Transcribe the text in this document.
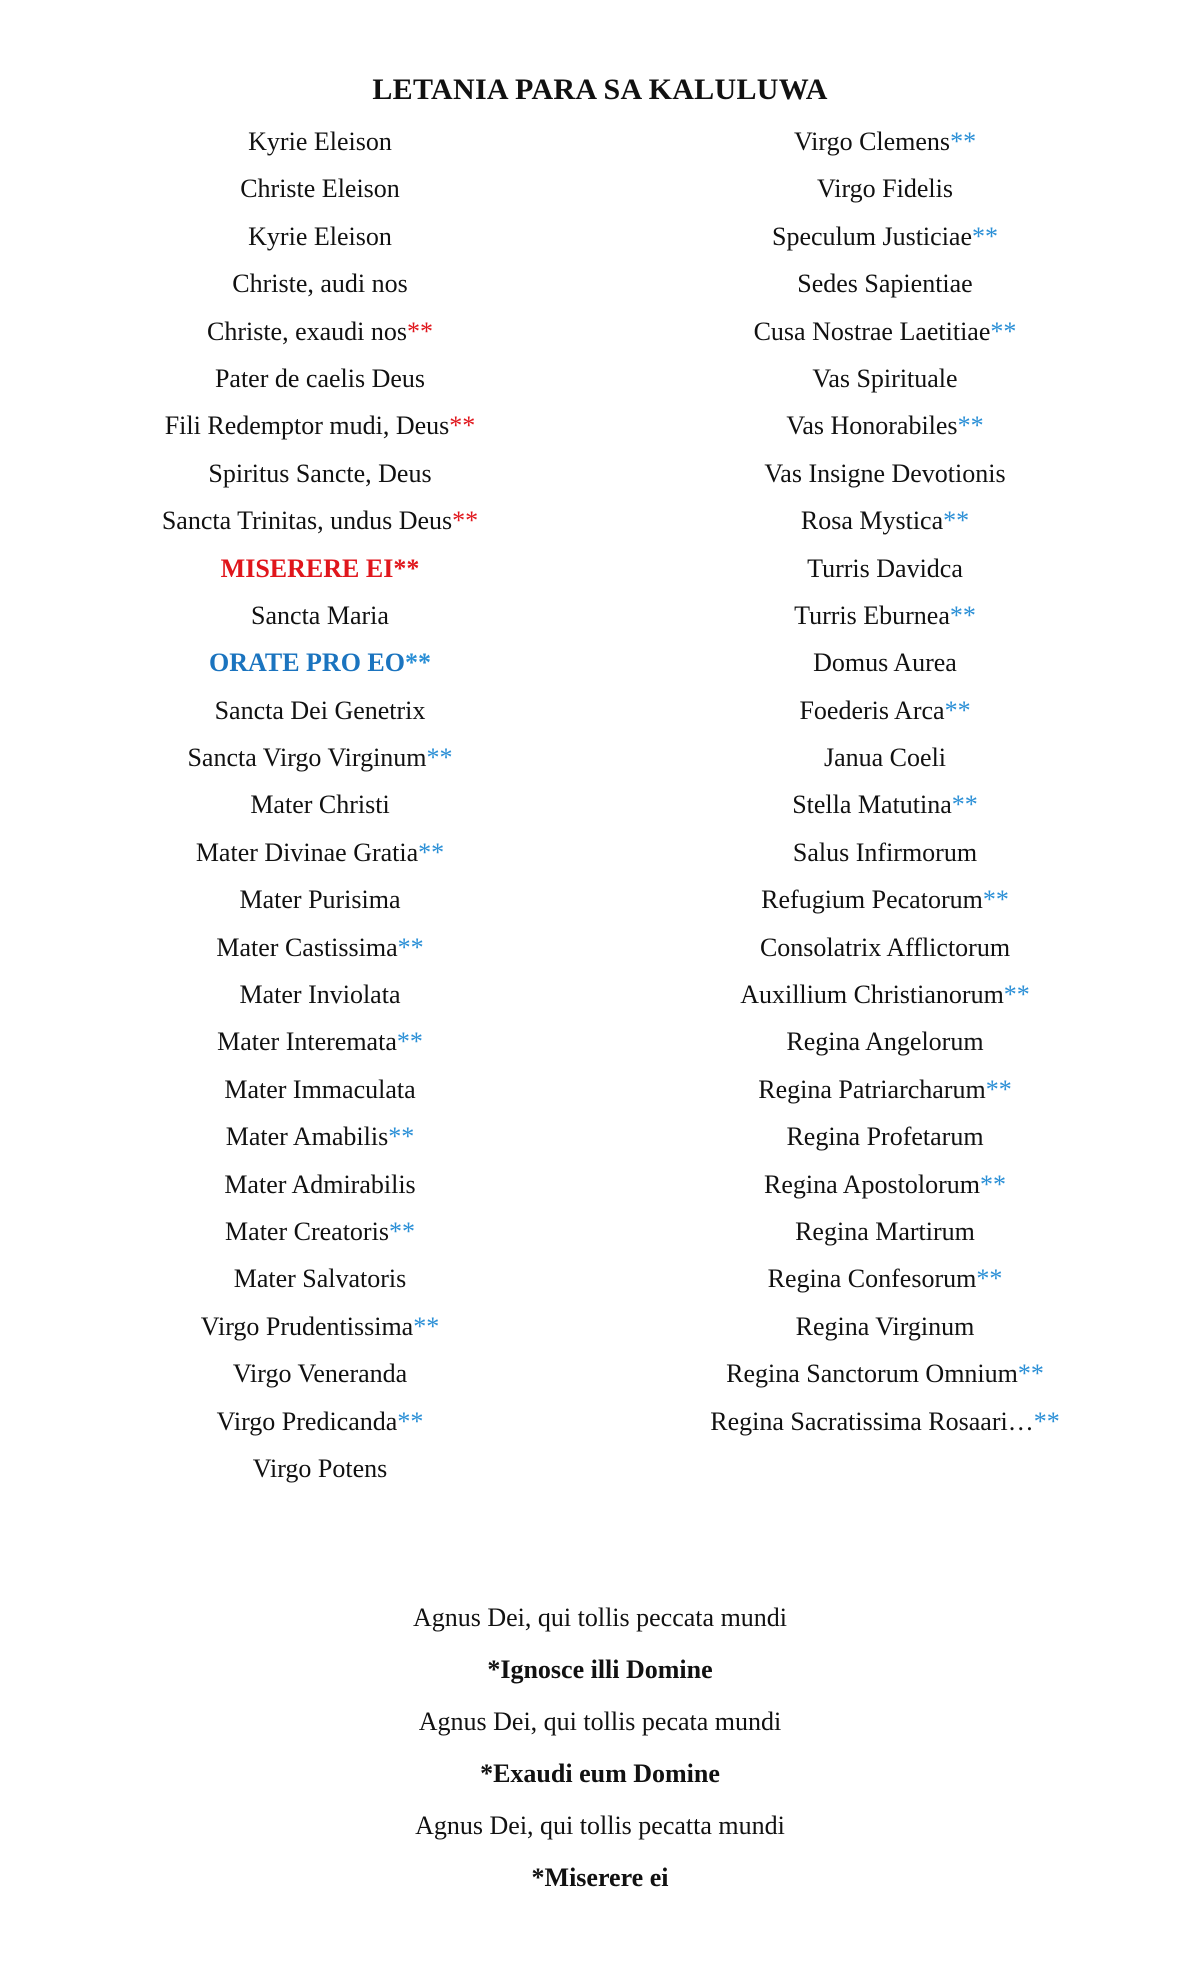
LETANIA PARA SA KALULUWA
Kyrie Eleison
Christe Eleison
Kyrie Eleison
Christe, audi nos
Christe, exaudi nos**
Pater de caelis Deus
Fili Redemptor mudi, Deus**
Spiritus Sancte, Deus
Sancta Trinitas, undus Deus**
MISERERE EI**
Sancta Maria
ORATE PRO EO**
Sancta Dei Genetrix
Sancta Virgo Virginum**
Mater Christi
Mater Divinae Gratia**
Mater Purisima
Mater Castissima**
Mater Inviolata
Mater Interemata**
Mater Immaculata
Mater Amabilis**
Mater Admirabilis
Mater Creatoris**
Mater Salvatoris
Virgo Prudentissima**
Virgo Veneranda
Virgo Predicanda**
Virgo Potens
Virgo Clemens**
Virgo Fidelis
Speculum Justiciae**
Sedes Sapientiae
Cusa Nostrae Laetitiae**
Vas Spirituale
Vas Honorabiles**
Vas Insigne Devotionis
Rosa Mystica**
Turris Davidca
Turris Eburnea**
Domus Aurea
Foederis Arca**
Janua Coeli
Stella Matutina**
Salus Infirmorum
Refugium Pecatorum**
Consolatrix Afflictorum
Auxillium Christianorum**
Regina Angelorum
Regina Patriarcharum**
Regina Profetarum
Regina Apostolorum**
Regina Martirum
Regina Confesorum**
Regina Virginum
Regina Sanctorum Omnium**
Regina Sacratissima Rosaari…**
Agnus Dei, qui tollis peccata mundi
*Ignosce illi Domine
Agnus Dei, qui tollis pecata mundi
*Exaudi eum Domine
Agnus Dei, qui tollis pecatta mundi
*Miserere ei
